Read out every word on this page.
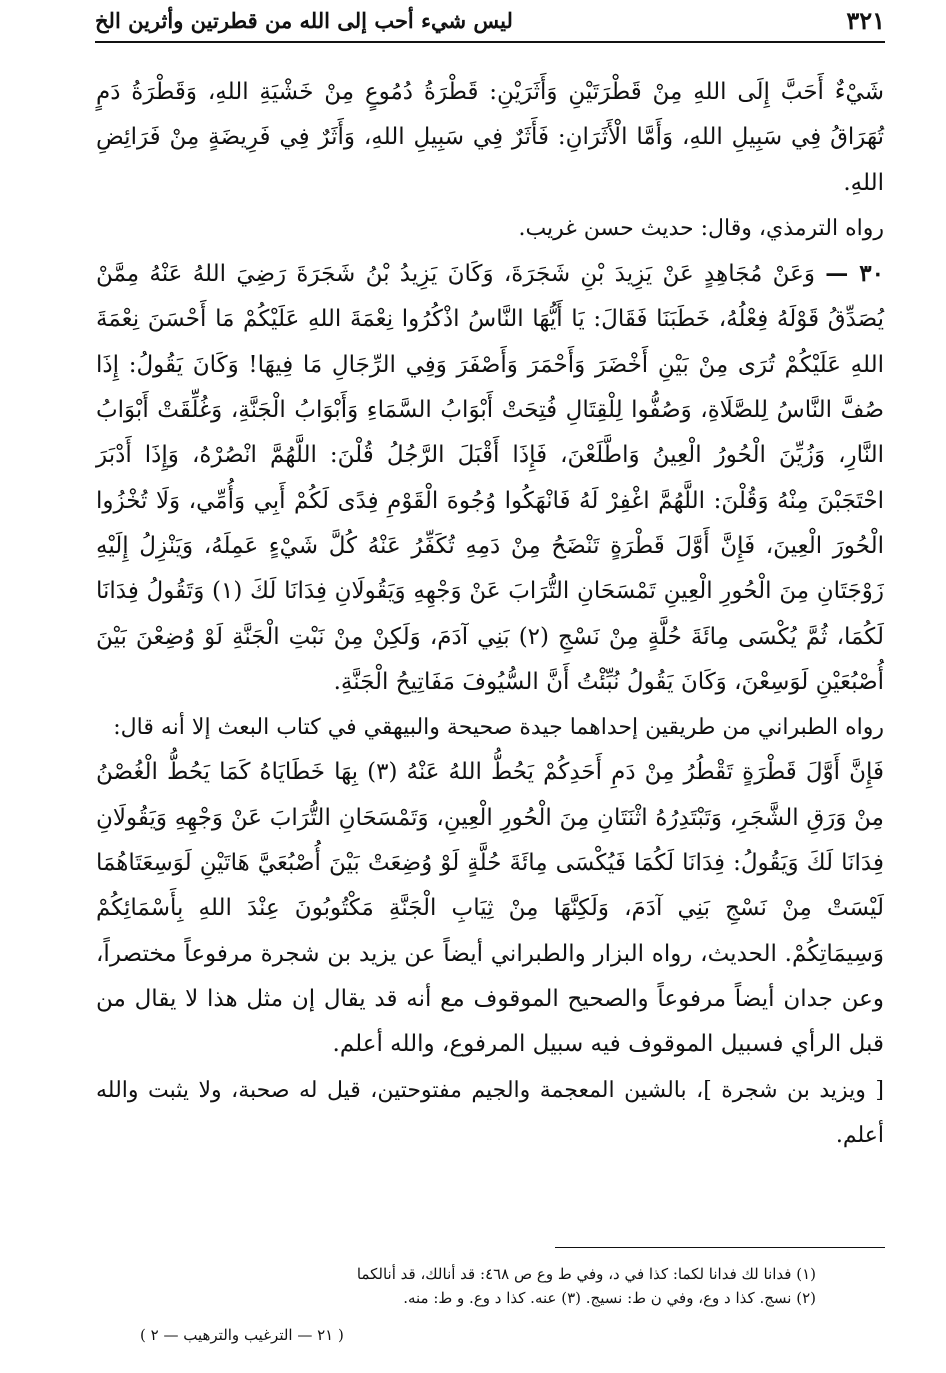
٣٢١
ليس شيء أحب إلى الله من قطرتين وأثرين الخ

شَيْءٌ أَحَبَّ إِلَى اللهِ مِنْ قَطْرَتَيْنِ وَأَثَرَيْنِ: قَطْرَةُ دُمُوعٍ مِنْ خَشْيَةِ اللهِ، وَقَطْرَةُ دَمٍ تُهَرَاقُ فِي سَبِيلِ اللهِ، وَأَمَّا الْأَثَرَانِ: فَأَثَرٌ فِي سَبِيلِ اللهِ، وَأَثَرٌ فِي فَرِيضَةٍ مِنْ فَرَائِضِ اللهِ.

رواه الترمذي، وقال: حديث حسن غريب.

٣٠ — وَعَنْ مُجَاهِدٍ عَنْ يَزِيدَ بْنِ شَجَرَةَ، وَكَانَ يَزِيدُ بْنُ شَجَرَةَ رَضِيَ اللهُ عَنْهُ مِمَّنْ يُصَدِّقُ قَوْلَهُ فِعْلُهُ، خَطَبَنَا فَقَالَ: يَا أَيُّهَا النَّاسُ اذْكُرُوا نِعْمَةَ اللهِ عَلَيْكُمْ مَا أَحْسَنَ نِعْمَةَ اللهِ عَلَيْكُمْ تُرَى مِنْ بَيْنِ أَخْضَرَ وَأَحْمَرَ وَأَصْفَرَ وَفِي الرِّجَالِ مَا فِيهَا! وَكَانَ يَقُولُ: إِذَا صُفَّ النَّاسُ لِلصَّلَاةِ، وَصُفُّوا لِلْقِتَالِ فُتِحَتْ أَبْوَابُ السَّمَاءِ وَأَبْوَابُ الْجَنَّةِ، وَغُلِّقَتْ أَبْوَابُ النَّارِ، وَزُيِّنَ الْحُورُ الْعِينُ وَاطَّلَعْنَ، فَإِذَا أَقْبَلَ الرَّجُلُ قُلْنَ: اللَّهُمَّ انْصُرْهُ، وَإِذَا أَدْبَرَ احْتَجَبْنَ مِنْهُ وَقُلْنَ: اللَّهُمَّ اغْفِرْ لَهُ فَانْهَكُوا وُجُوهَ الْقَوْمِ فِدًى لَكُمْ أَبِي وَأُمِّي، وَلَا تُخْزُوا الْحُورَ الْعِينَ، فَإِنَّ أَوَّلَ قَطْرَةٍ تَنْضَحُ مِنْ دَمِهِ تُكَفِّرُ عَنْهُ كُلَّ شَيْءٍ عَمِلَهُ، وَيَنْزِلُ إِلَيْهِ زَوْجَتَانِ مِنَ الْحُورِ الْعِينِ تَمْسَحَانِ التُّرَابَ عَنْ وَجْهِهِ وَيَقُولَانِ فِدَانَا لَكَ (١) وَتَقُولُ فِدَانَا لَكُمَا، ثُمَّ يُكْسَى مِائَةَ حُلَّةٍ مِنْ نَسْجِ (٢) بَنِي آدَمَ، وَلَكِنْ مِنْ نَبْتِ الْجَنَّةِ لَوْ وُضِعْنَ بَيْنَ أُصْبُعَيْنِ لَوَسِعْنَ، وَكَانَ يَقُولُ نُبِّئْتُ أَنَّ السُّيُوفَ مَفَاتِيحُ الْجَنَّةِ.

رواه الطبراني من طريقين إحداهما جيدة صحيحة والبيهقي في كتاب البعث إلا أنه قال:

فَإِنَّ أَوَّلَ قَطْرَةٍ تَقْطُرُ مِنْ دَمِ أَحَدِكُمْ يَحُطُّ اللهُ عَنْهُ (٣) بِهَا خَطَايَاهُ كَمَا يَحُطُّ الْغُصْنُ مِنْ وَرَقِ الشَّجَرِ، وَتَبْتَدِرُهُ اثْنَتَانِ مِنَ الْحُورِ الْعِينِ، وَتَمْسَحَانِ التُّرَابَ عَنْ وَجْهِهِ وَيَقُولَانِ فِدَانَا لَكَ وَيَقُولُ: فِدَانَا لَكُمَا فَيُكْسَى مِائَةَ حُلَّةٍ لَوْ وُضِعَتْ بَيْنَ أُصْبُعَيَّ هَاتَيْنِ لَوَسِعَتَاهُمَا لَيْسَتْ مِنْ نَسْجِ بَنِي آدَمَ، وَلَكِنَّهَا مِنْ ثِيَابِ الْجَنَّةِ مَكْتُوبُونَ عِنْدَ اللهِ بِأَسْمَائِكُمْ وَسِيمَاتِكُمْ. الحديث، رواه البزار والطبراني أيضاً عن يزيد بن شجرة مرفوعاً مختصراً، وعن جدان أيضاً مرفوعاً والصحيح الموقوف مع أنه قد يقال إن مثل هذا لا يقال من قبل الرأي فسبيل الموقوف فيه سبيل المرفوع، والله أعلم.

[ ويزيد بن شجرة ]، بالشين المعجمة والجيم مفتوحتين، قيل له صحبة، ولا يثبت والله أعلم.

(١) فدانا لك فدانا لكما: كذا في د، وفي ط وع ص ٤٦٨: قد أنالك، قد أنالكما

(٢) نسج. كذا د وع، وفي ن ط: نسيج. (٣) عنه. كذا د وع. و ط: منه.

( ٢١ — الترغيب والترهيب — ٢ )
